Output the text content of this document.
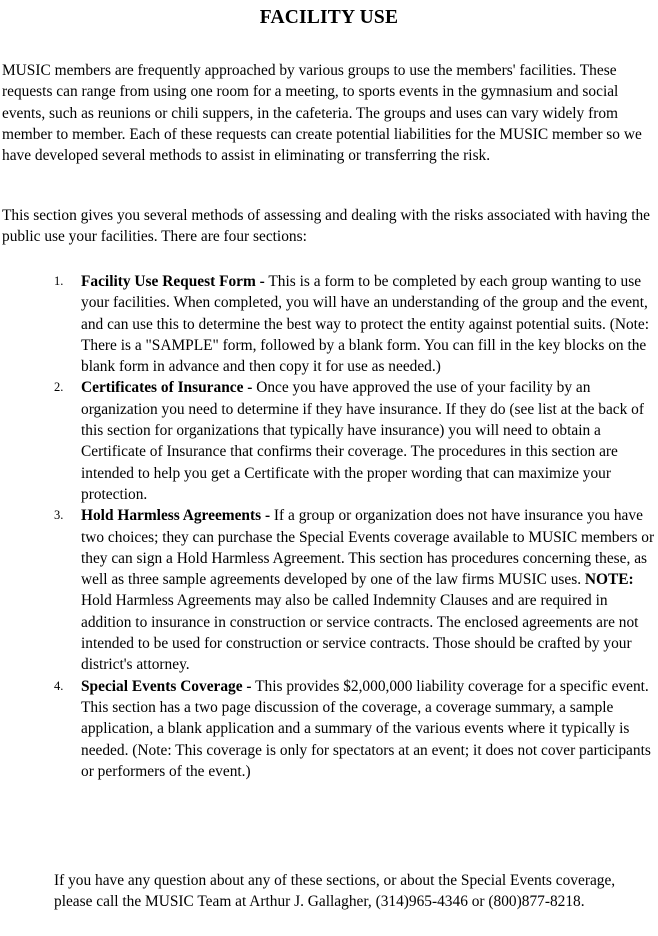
FACILITY USE

MUSIC members are frequently approached by various groups to use the members' facilities. These requests can range from using one room for a meeting, to sports events in the gymnasium and social events, such as reunions or chili suppers, in the cafeteria. The groups and uses can vary widely from member to member. Each of these requests can create potential liabilities for the MUSIC member so we have developed several methods to assist in eliminating or transferring the risk.

This section gives you several methods of assessing and dealing with the risks associated with having the public use your facilities. There are four sections:

1. Facility Use Request Form - This is a form to be completed by each group wanting to use your facilities. When completed, you will have an understanding of the group and the event, and can use this to determine the best way to protect the entity against potential suits. (Note: There is a "SAMPLE" form, followed by a blank form. You can fill in the key blocks on the blank form in advance and then copy it for use as needed.)
2. Certificates of Insurance - Once you have approved the use of your facility by an organization you need to determine if they have insurance. If they do (see list at the back of this section for organizations that typically have insurance) you will need to obtain a Certificate of Insurance that confirms their coverage. The procedures in this section are intended to help you get a Certificate with the proper wording that can maximize your protection.
3. Hold Harmless Agreements - If a group or organization does not have insurance you have two choices; they can purchase the Special Events coverage available to MUSIC members or they can sign a Hold Harmless Agreement. This section has procedures concerning these, as well as three sample agreements developed by one of the law firms MUSIC uses. NOTE: Hold Harmless Agreements may also be called Indemnity Clauses and are required in addition to insurance in construction or service contracts. The enclosed agreements are not intended to be used for construction or service contracts. Those should be crafted by your district's attorney.
4. Special Events Coverage - This provides $2,000,000 liability coverage for a specific event. This section has a two page discussion of the coverage, a coverage summary, a sample application, a blank application and a summary of the various events where it typically is needed. (Note: This coverage is only for spectators at an event; it does not cover participants or performers of the event.)

If you have any question about any of these sections, or about the Special Events coverage, please call the MUSIC Team at Arthur J. Gallagher, (314)965-4346 or (800)877-8218.
